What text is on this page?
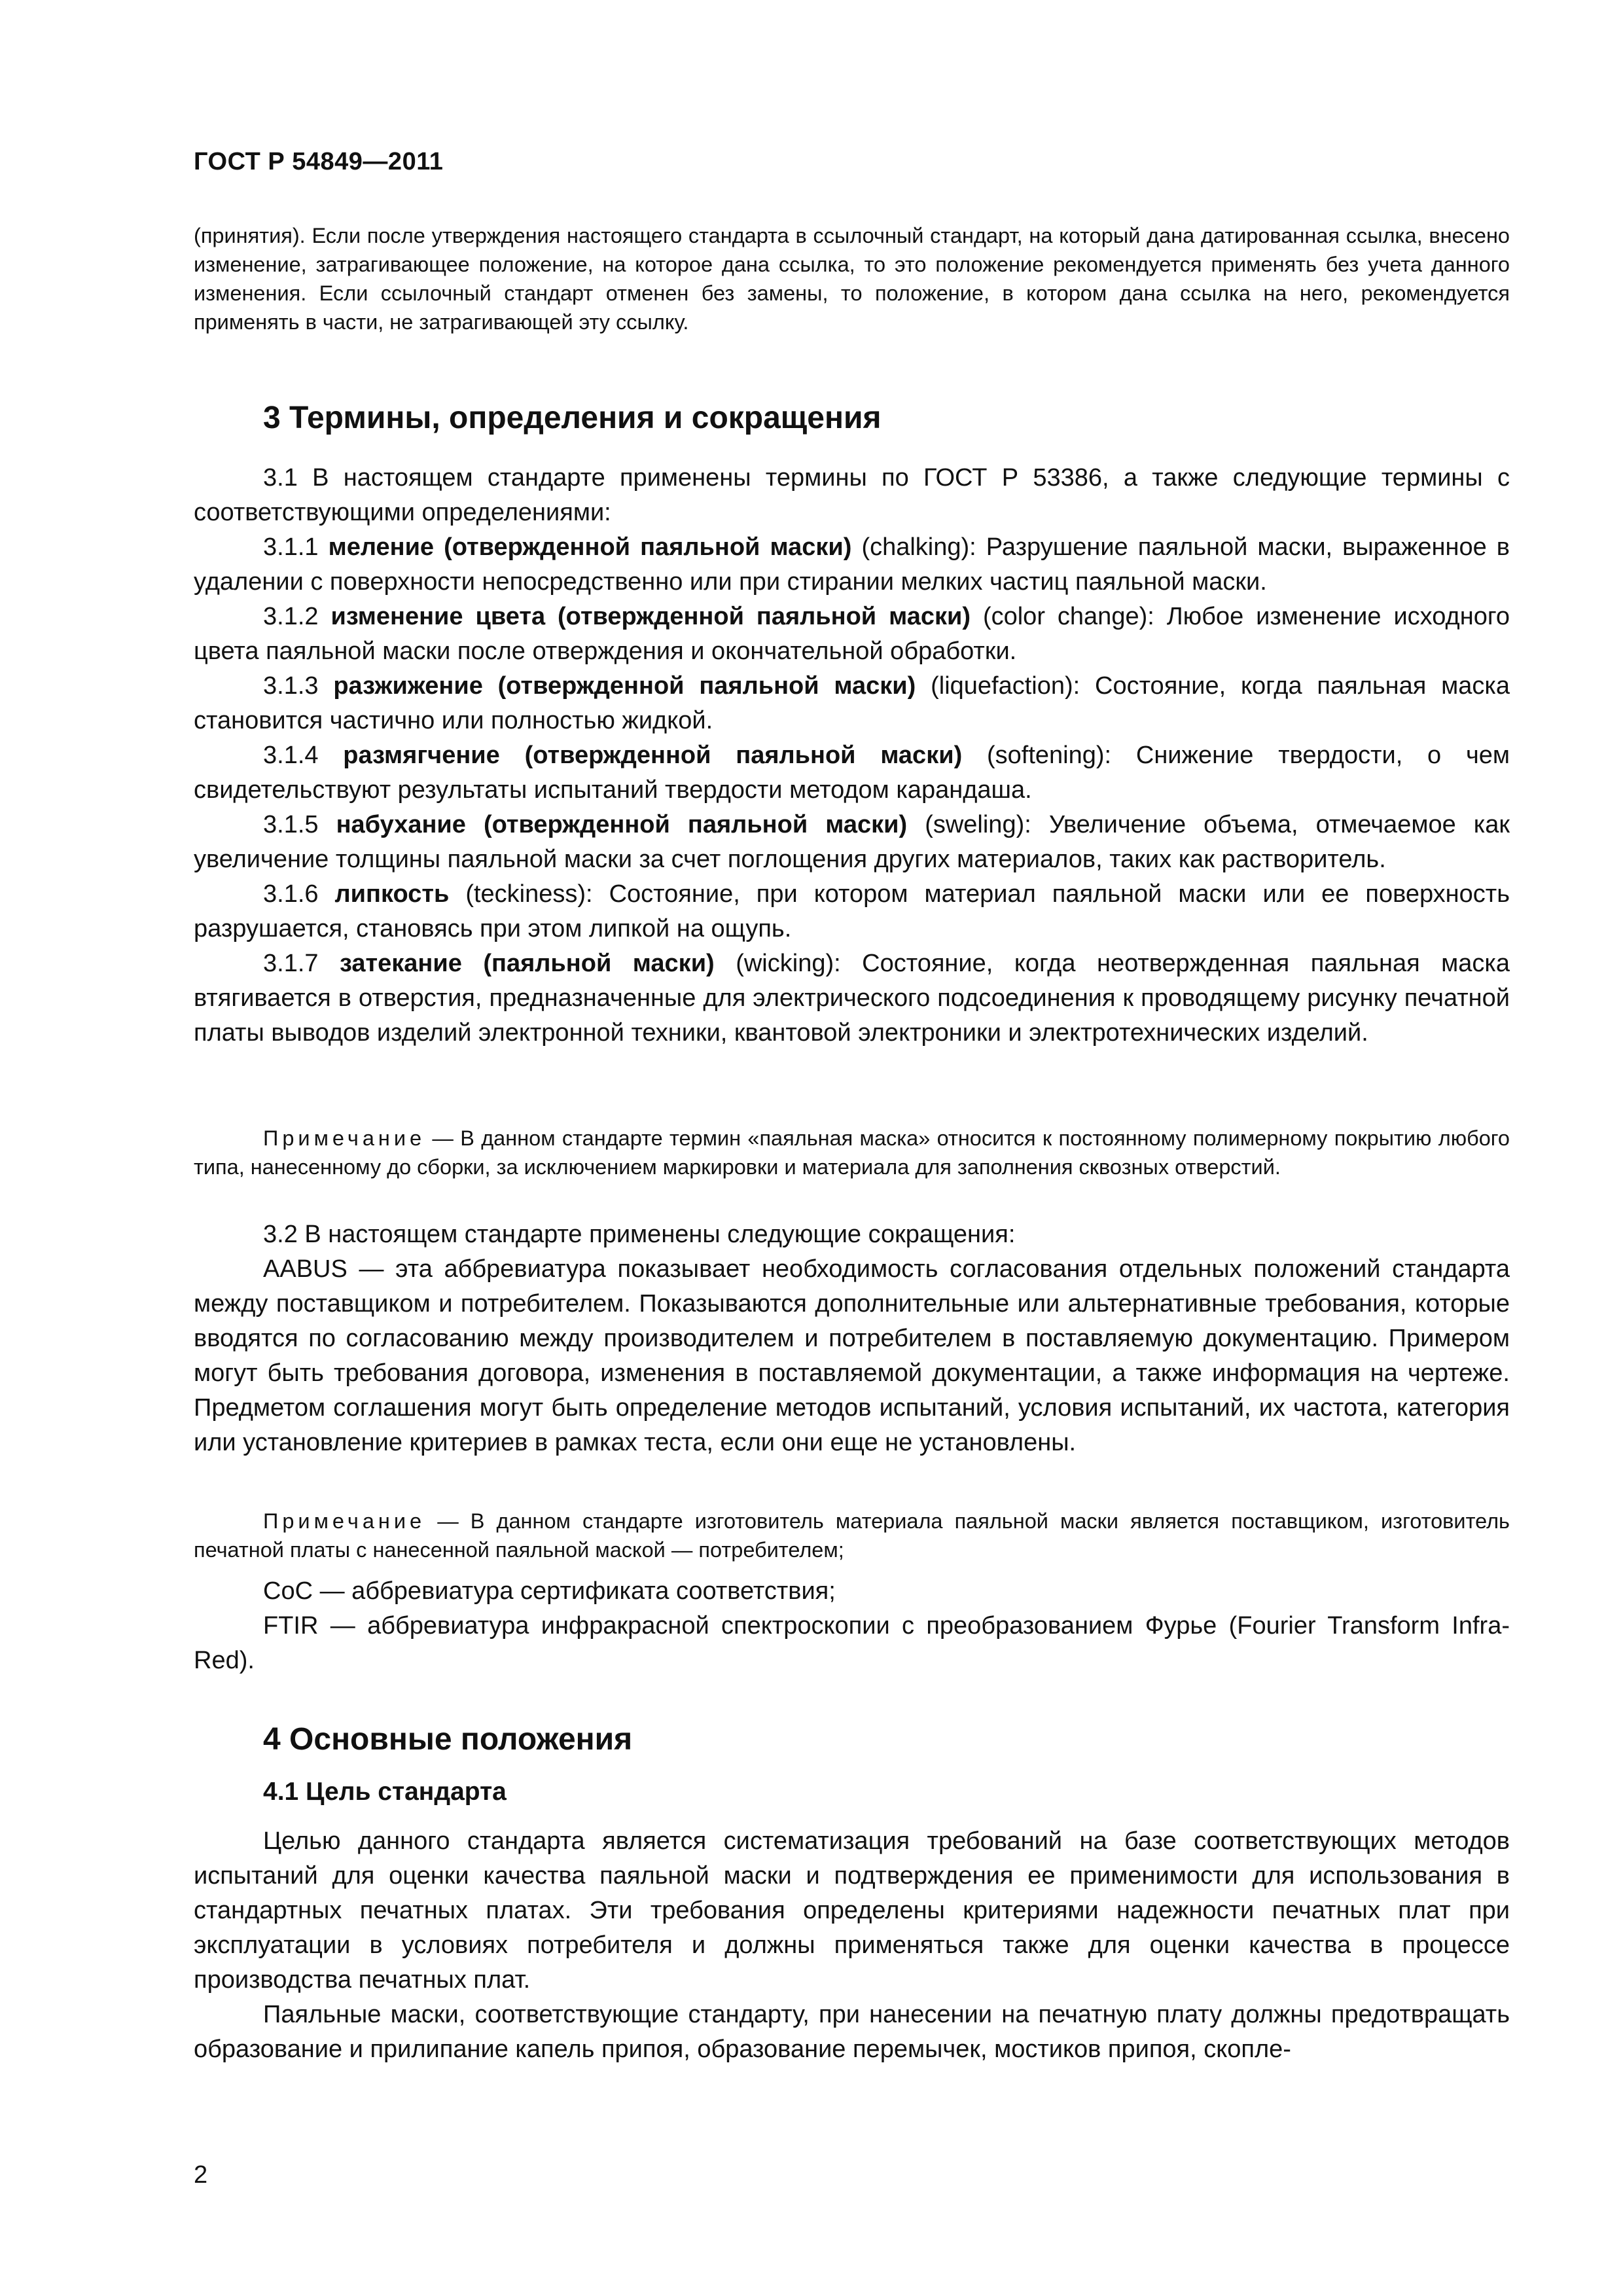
ГОСТ Р 54849—2011
(принятия). Если после утверждения настоящего стандарта в ссылочный стандарт, на который дана датированная ссылка, внесено изменение, затрагивающее положение, на которое дана ссылка, то это положение рекомендуется применять без учета данного изменения. Если ссылочный стандарт отменен без замены, то положение, в котором дана ссылка на него, рекомендуется применять в части, не затрагивающей эту ссылку.
3 Термины, определения и сокращения

3.1 В настоящем стандарте применены термины по ГОСТ Р 53386, а также следующие термины с соответствующими определениями:

3.1.1 меление (отвержденной паяльной маски) (chalking): Разрушение паяльной маски, выраженное в удалении с поверхности непосредственно или при стирании мелких частиц паяльной маски.

3.1.2 изменение цвета (отвержденной паяльной маски) (color change): Любое изменение исходного цвета паяльной маски после отверждения и окончательной обработки.

3.1.3 разжижение (отвержденной паяльной маски) (liquefaction): Состояние, когда паяльная маска становится частично или полностью жидкой.

3.1.4 размягчение (отвержденной паяльной маски) (softening): Снижение твердости, о чем свидетельствуют результаты испытаний твердости методом карандаша.

3.1.5 набухание (отвержденной паяльной маски) (sweling): Увеличение объема, отмечаемое как увеличение толщины паяльной маски за счет поглощения других материалов, таких как растворитель.

3.1.6 липкость (teckiness): Состояние, при котором материал паяльной маски или ее поверхность разрушается, становясь при этом липкой на ощупь.

3.1.7 затекание (паяльной маски) (wicking): Состояние, когда неотвержденная паяльная маска втягивается в отверстия, предназначенные для электрического подсоединения к проводящему рисунку печатной платы выводов изделий электронной техники, квантовой электроники и электротехнических изделий.

Примечание — В данном стандарте термин «паяльная маска» относится к постоянному полимерному покрытию любого типа, нанесенному до сборки, за исключением маркировки и материала для заполнения сквозных отверстий.

3.2 В настоящем стандарте применены следующие сокращения:

AABUS — эта аббревиатура показывает необходимость согласования отдельных положений стандарта между поставщиком и потребителем. Показываются дополнительные или альтернативные требования, которые вводятся по согласованию между производителем и потребителем в поставляемую документацию. Примером могут быть требования договора, изменения в поставляемой документации, а также информация на чертеже. Предметом соглашения могут быть определение методов испытаний, условия испытаний, их частота, категория или установление критериев в рамках теста, если они еще не установлены.

Примечание — В данном стандарте изготовитель материала паяльной маски является поставщиком, изготовитель печатной платы с нанесенной паяльной маской — потребителем;

CoC — аббревиатура сертификата соответствия;

FTIR — аббревиатура инфракрасной спектроскопии с преобразованием Фурье (Fourier Transform Infra-Red).

4 Основные положения
4.1 Цель стандарта

Целью данного стандарта является систематизация требований на базе соответствующих методов испытаний для оценки качества паяльной маски и подтверждения ее применимости для использования в стандартных печатных платах. Эти требования определены критериями надежности печатных плат при эксплуатации в условиях потребителя и должны применяться также для оценки качества в процессе производства печатных плат.

Паяльные маски, соответствующие стандарту, при нанесении на печатную плату должны предотвращать образование и прилипание капель припоя, образование перемычек, мостиков припоя, скопле-

2
